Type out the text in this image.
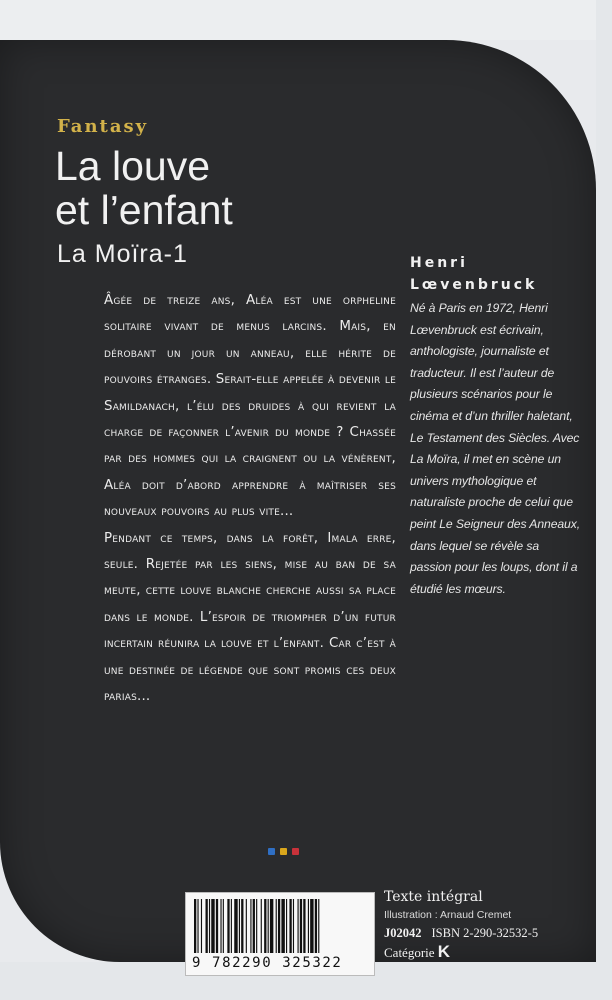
Fantasy
La louve
et l’enfant
La Moïra-1

Âgée de treize ans, Aléa est une orpheline solitaire vivant de menus larcins. Mais, en dérobant un jour un anneau, elle hérite de pouvoirs étranges. Serait-elle appelée à devenir le Samildanach, l’élu des druides à qui revient la charge de façonner l’avenir du monde ? Chassée par des hommes qui la craignent ou la vénèrent, Aléa doit d’abord apprendre à maîtriser ses nouveaux pouvoirs au plus vite...

Pendant ce temps, dans la forêt, Imala erre, seule. Rejetée par les siens, mise au ban de sa meute, cette louve blanche cherche aussi sa place dans le monde. L’espoir de triompher d’un futur incertain réunira la louve et l’enfant. Car c’est à une destinée de légende que sont promis ces deux parias...

Henri
Lœvenbruck
Né à Paris en 1972, Henri Lœvenbruck est écrivain, anthologiste, journaliste et traducteur. Il est l’auteur de plusieurs scénarios pour le cinéma et d’un thriller haletant, Le Testament des Siècles. Avec La Moïra, il met en scène un univers mythologique et naturaliste proche de celui que peint Le Seigneur des Anneaux, dans lequel se révèle sa passion pour les loups, dont il a étudié les mœurs.
9 782290 325322
Texte intégral
Illustration : Arnaud Cremet
J02042 ISBN 2-290-32532-5
Catégorie K
